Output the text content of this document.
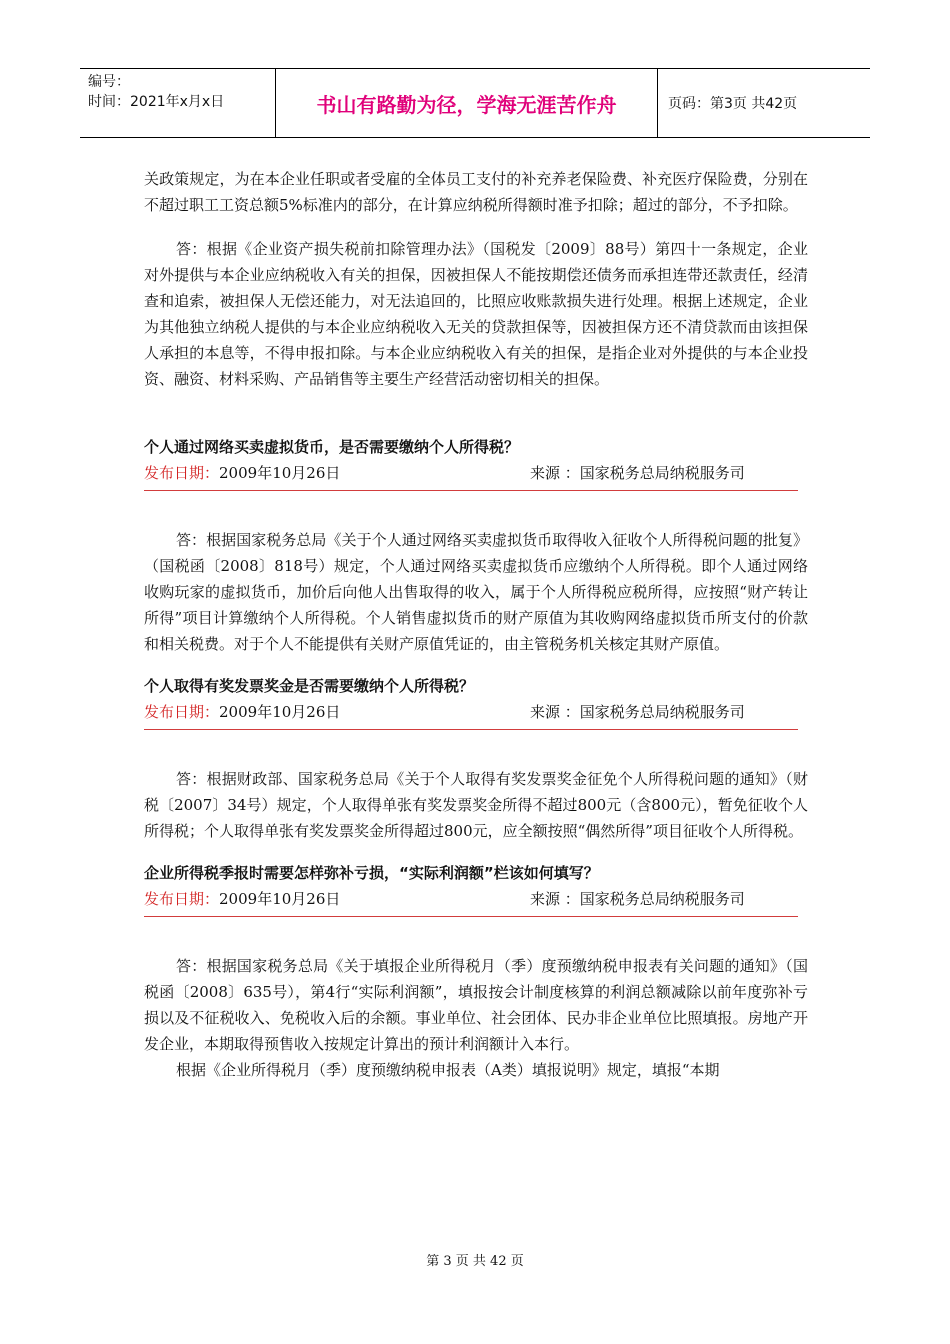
编号：
时间：2021年x月x日	书山有路勤为径，学海无涯苦作舟	页码：第3页 共42页

关政策规定，为在本企业任职或者受雇的全体员工支付的补充养老保险费、补充医疗保险费，分别在不超过职工工资总额5%标准内的部分，在计算应纳税所得额时准予扣除；超过的部分，不予扣除。

答：根据《企业资产损失税前扣除管理办法》（国税发〔2009〕88号）第四十一条规定，企业对外提供与本企业应纳税收入有关的担保，因被担保人不能按期偿还债务而承担连带还款责任，经清查和追索，被担保人无偿还能力，对无法追回的，比照应收账款损失进行处理。根据上述规定，企业为其他独立纳税人提供的与本企业应纳税收入无关的贷款担保等，因被担保方还不清贷款而由该担保人承担的本息等，不得申报扣除。与本企业应纳税收入有关的担保，是指企业对外提供的与本企业投资、融资、材料采购、产品销售等主要生产经营活动密切相关的担保。

个人通过网络买卖虚拟货币，是否需要缴纳个人所得税？

发布日期：2009年10月26日	来源 ：国家税务总局纳税服务司

答：根据国家税务总局《关于个人通过网络买卖虚拟货币取得收入征收个人所得税问题的批复》（国税函〔2008〕818号）规定，个人通过网络买卖虚拟货币应缴纳个人所得税。即个人通过网络收购玩家的虚拟货币，加价后向他人出售取得的收入，属于个人所得税应税所得，应按照“财产转让所得”项目计算缴纳个人所得税。个人销售虚拟货币的财产原值为其收购网络虚拟货币所支付的价款和相关税费。对于个人不能提供有关财产原值凭证的，由主管税务机关核定其财产原值。

个人取得有奖发票奖金是否需要缴纳个人所得税？

发布日期：2009年10月26日	来源 ：国家税务总局纳税服务司

答：根据财政部、国家税务总局《关于个人取得有奖发票奖金征免个人所得税问题的通知》（财税〔2007〕34号）规定，个人取得单张有奖发票奖金所得不超过800元（含800元），暂免征收个人所得税；个人取得单张有奖发票奖金所得超过800元，应全额按照“偶然所得”项目征收个人所得税。

企业所得税季报时需要怎样弥补亏损，“实际利润额”栏该如何填写？

发布日期：2009年10月26日	来源 ：国家税务总局纳税服务司

答：根据国家税务总局《关于填报企业所得税月（季）度预缴纳税申报表有关问题的通知》（国税函〔2008〕635号），第4行“实际利润额”，填报按会计制度核算的利润总额减除以前年度弥补亏损以及不征税收入、免税收入后的余额。事业单位、社会团体、民办非企业单位比照填报。房地产开发企业，本期取得预售收入按规定计算出的预计利润额计入本行。

根据《企业所得税月（季）度预缴纳税申报表（A类）填报说明》规定，填报“本期

第 3 页 共 42 页
